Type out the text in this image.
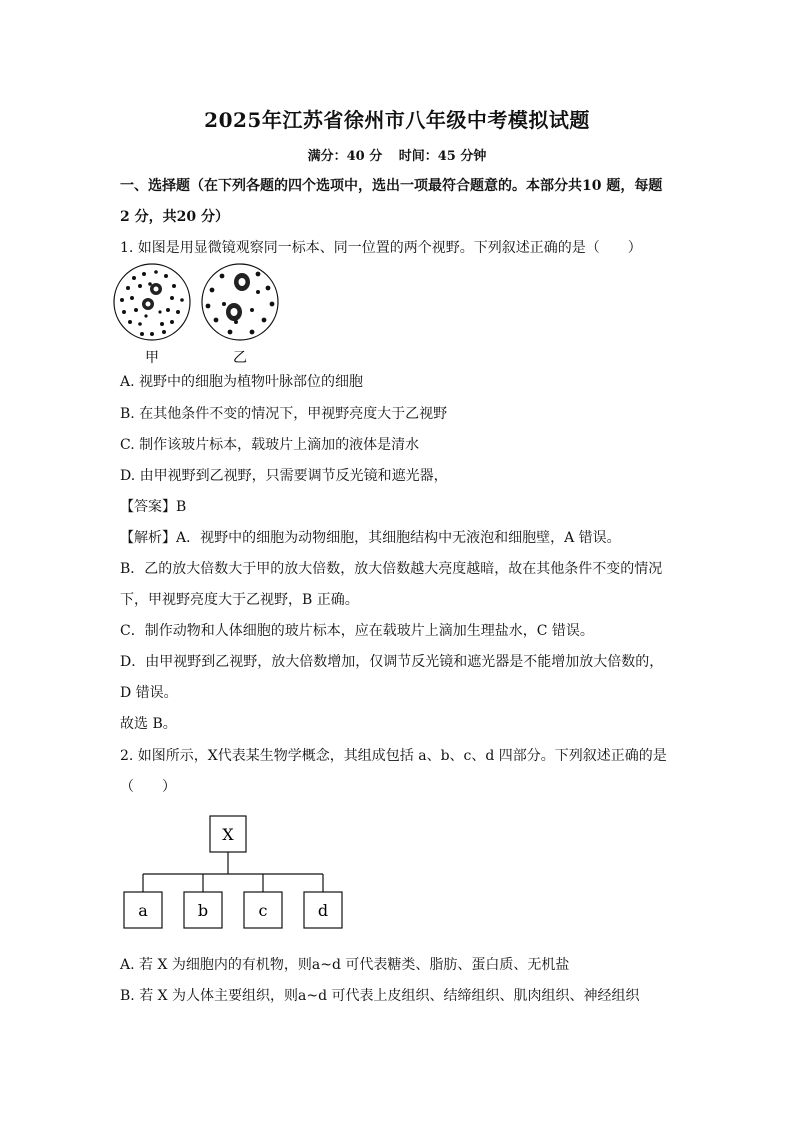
2025年江苏省徐州市八年级中考模拟试题
满分：40 分 时间：45 分钟
一、选择题（在下列各题的四个选项中，选出一项最符合题意的。本部分共10 题，每题
2 分，共20 分）
1. 如图是用显微镜观察同一标本、同一位置的两个视野。下列叙述正确的是（　　）
甲	乙
A. 视野中的细胞为植物叶脉部位的细胞
B. 在其他条件不变的情况下，甲视野亮度大于乙视野
C. 制作该玻片标本，载玻片上滴加的液体是清水
D. 由甲视野到乙视野，只需要调节反光镜和遮光器，
【答案】B
【解析】A．视野中的细胞为动物细胞，其细胞结构中无液泡和细胞壁，A 错误。
B．乙的放大倍数大于甲的放大倍数，放大倍数越大亮度越暗，故在其他条件不变的情况
下，甲视野亮度大于乙视野，B 正确。
C．制作动物和人体细胞的玻片标本，应在载玻片上滴加生理盐水，C 错误。
D．由甲视野到乙视野，放大倍数增加，仅调节反光镜和遮光器是不能增加放大倍数的，
D 错误。
故选 B。
2. 如图所示，X代表某生物学概念，其组成包括 a、b、c、d 四部分。下列叙述正确的是
（　　）
X
a	b	c	d
A. 若 X 为细胞内的有机物，则a~d 可代表糖类、脂肪、蛋白质、无机盐
B. 若 X 为人体主要组织，则a~d 可代表上皮组织、结缔组织、肌肉组织、神经组织
